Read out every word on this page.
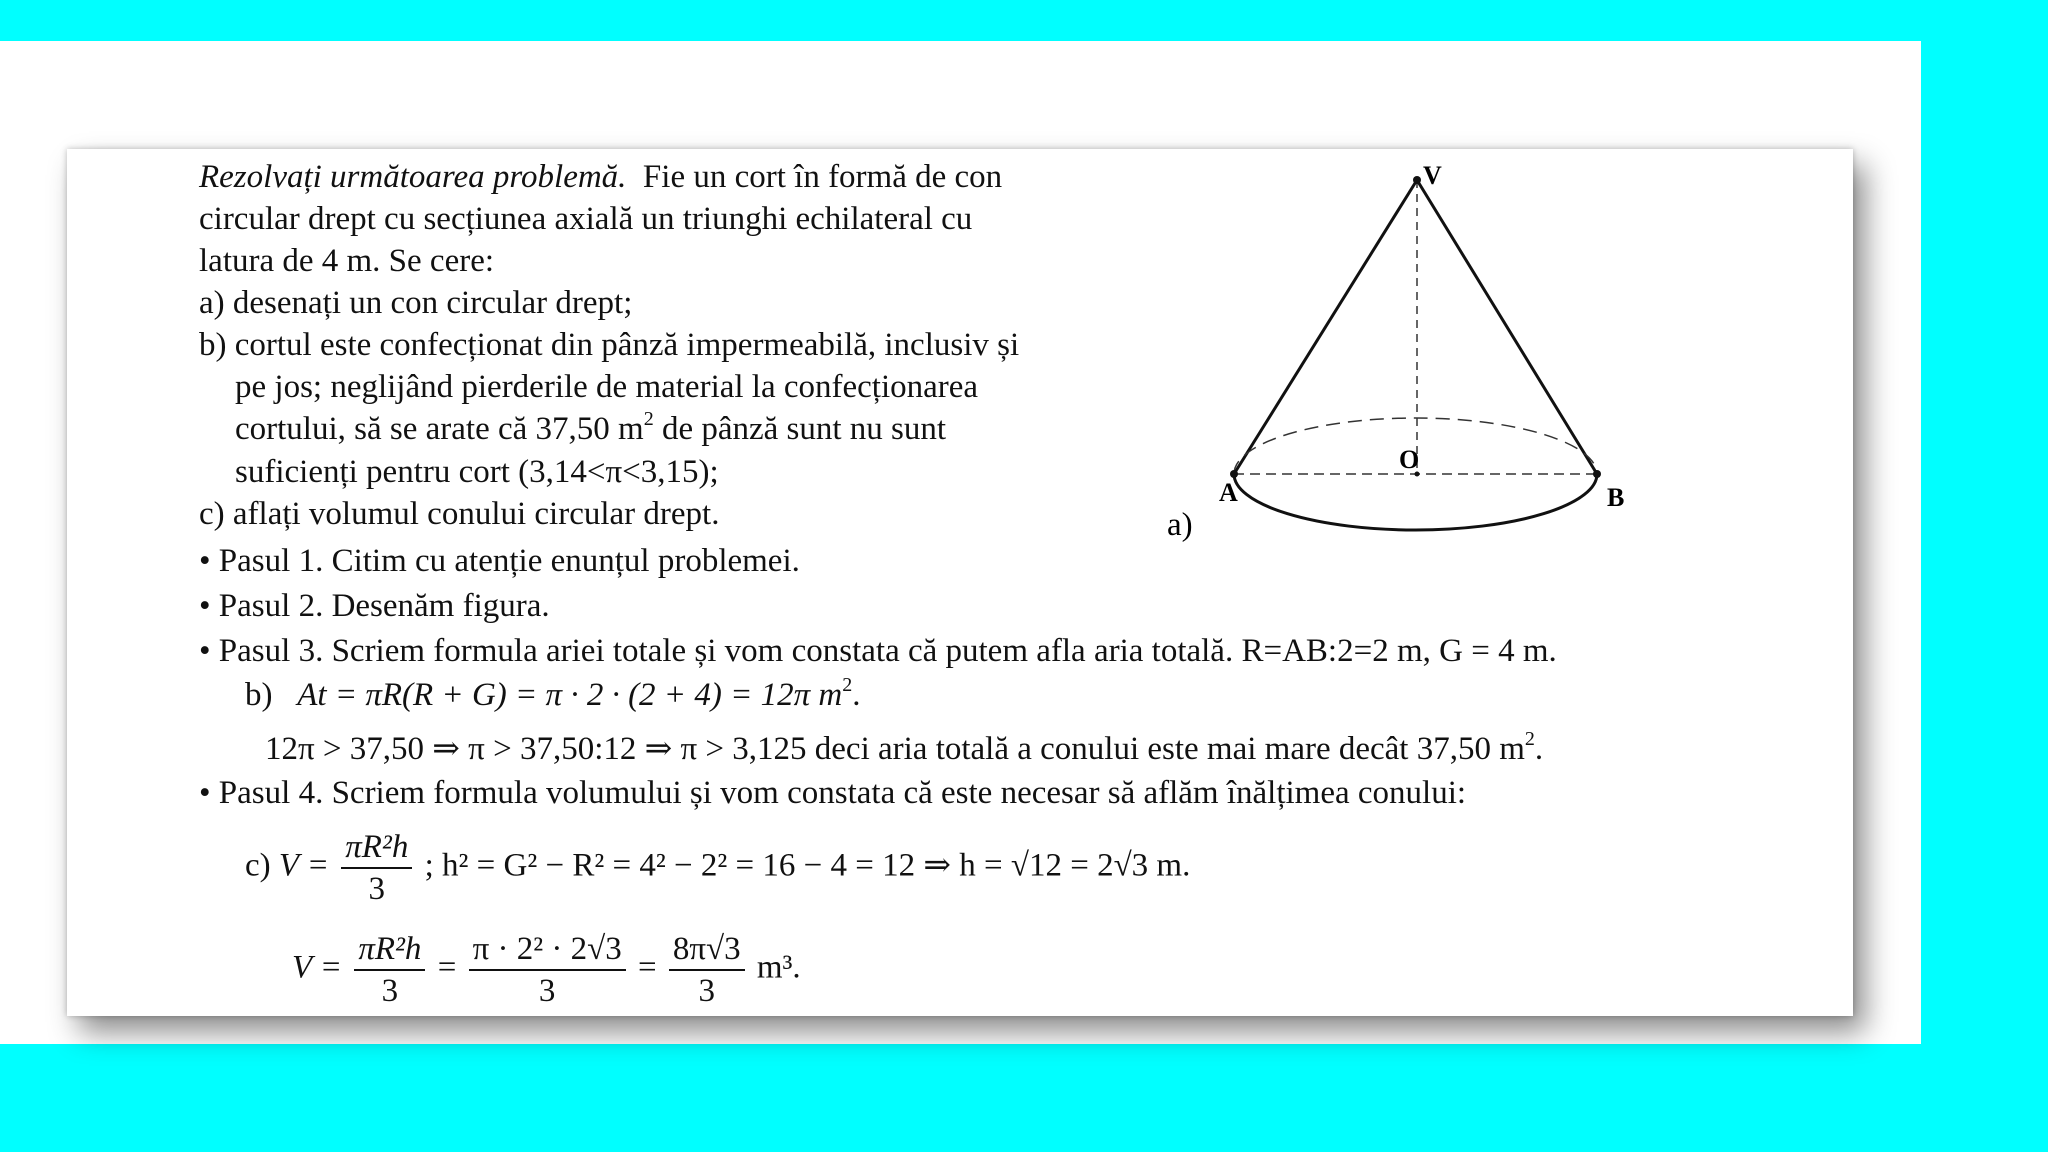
Rezolvați următoarea problemă. Fie un cort în formă de con
circular drept cu secțiunea axială un triunghi echilateral cu
latura de 4 m. Se cere:
a) desenați un con circular drept;
b) cortul este confecționat din pânză impermeabilă, inclusiv și
pe jos; neglijând pierderile de material la confecționarea
cortului, să se arate că 37,50 $m^2$ de pânză sunt nu sunt
suficienți pentru cort (3,14<π<3,15);
c) aflați volumul conului circular drept.
V
O
A	B
a)
• Pasul 1. Citim cu atenție enunțul problemei.
• Pasul 2. Desenăm figura.
• Pasul 3. Scriem formula ariei totale și vom constata că putem afla aria totală. R=AB:2=2 m, G = 4 m.
b) At = πR(R + G) = π · 2 · (2 + 4) = 12π $m^2$.
12π > 37,50 ⇒ π > 37,50:12 ⇒ π > 3,125 deci aria totală a conului este mai mare decât 37,50 $m^2$.
• Pasul 4. Scriem formula volumului și vom constata că este necesar să aflăm înălțimea conului:
c) $V = \frac{\text{πR²h}}{3}$ ; h² = G² − R² = 4² − 2² = 16 − 4 = 12 ⇒ h = √12 = 2√3 m.
$V = \frac{\text{πR²h}}{3} = \frac{\text{π · 2² · 2√3}}{3} = \frac{8\pi√3}{3} m^3$.
